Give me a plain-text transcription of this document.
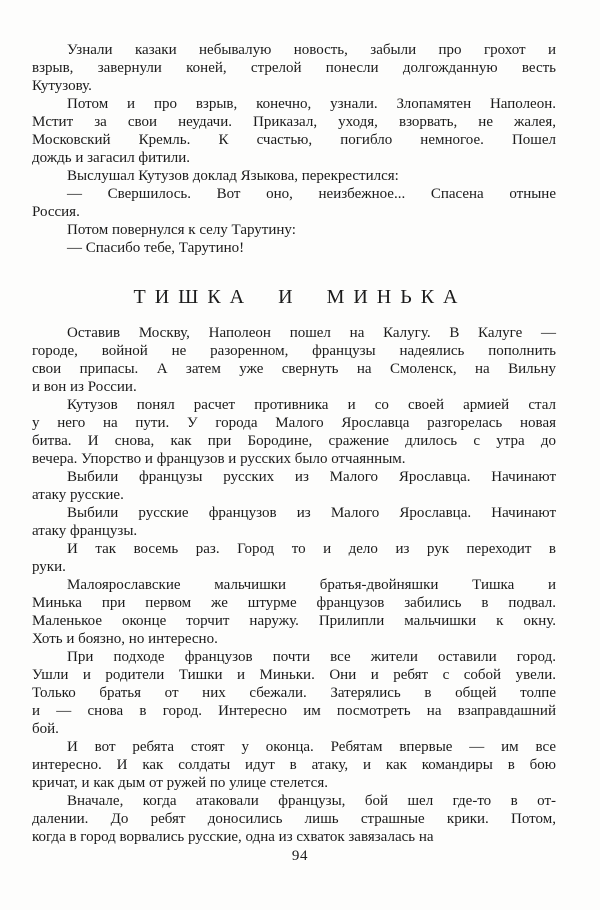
Узнали казаки небывалую новость, забыли про грохот и
взрыв, завернули коней, стрелой понесли долгожданную весть
Кутузову.
Потом и про взрыв, конечно, узнали. Злопамятен Наполеон.
Мстит за свои неудачи. Приказал, уходя, взорвать, не жалея,
Московский Кремль. К счастью, погибло немногое. Пошел
дождь и загасил фитили.
Выслушал Кутузов доклад Языкова, перекрестился:
— Свершилось. Вот оно, неизбежное... Спасена отныне
Россия.
Потом повернулся к селу Тарутину:
— Спасибо тебе, Тарутино!
ТИШКА И МИНЬКА
Оставив Москву, Наполеон пошел на Калугу. В Калуге —
городе, войной не разоренном, французы надеялись пополнить
свои припасы. А затем уже свернуть на Смоленск, на Вильну
и вон из России.
Кутузов понял расчет противника и со своей армией стал
у него на пути. У города Малого Ярославца разгорелась новая
битва. И снова, как при Бородине, сражение длилось с утра до
вечера. Упорство и французов и русских было отчаянным.
Выбили французы русских из Малого Ярославца. Начинают
атаку русские.
Выбили русские французов из Малого Ярославца. Начинают
атаку французы.
И так восемь раз. Город то и дело из рук переходит в
руки.
Малоярославские мальчишки братья-двойняшки Тишка и
Минька при первом же штурме французов забились в подвал.
Маленькое оконце торчит наружу. Прилипли мальчишки к окну.
Хоть и боязно, но интересно.
При подходе французов почти все жители оставили город.
Ушли и родители Тишки и Миньки. Они и ребят с собой увели.
Только братья от них сбежали. Затерялись в общей толпе
и — снова в город. Интересно им посмотреть на взаправдашний
бой.
И вот ребята стоят у оконца. Ребятам впервые — им все
интересно. И как солдаты идут в атаку, и как командиры в бою
кричат, и как дым от ружей по улице стелется.
Вначале, когда атаковали французы, бой шел где-то в от-
далении. До ребят доносились лишь страшные крики. Потом,
когда в город ворвались русские, одна из схваток завязалась на
94
